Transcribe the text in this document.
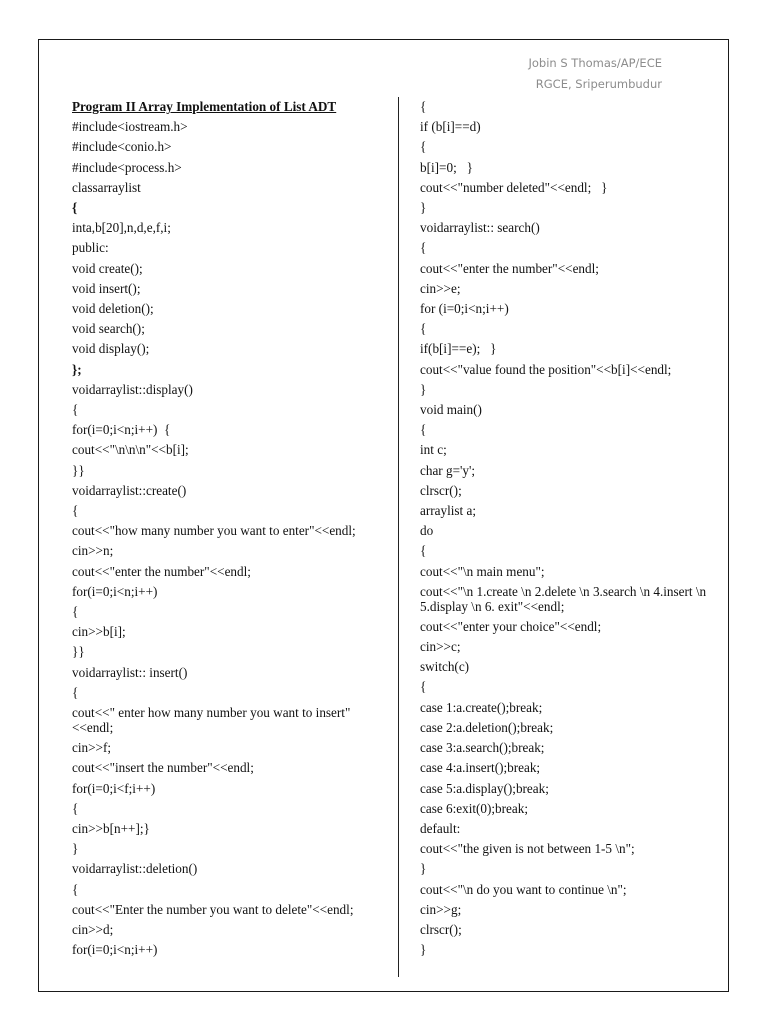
Jobin S Thomas/AP/ECE
RGCE, Sriperumbudur
Program II Array Implementation of List ADT
#include<iostream.h>
#include<conio.h>
#include<process.h>
classarraylist
{
inta,b[20],n,d,e,f,i;
public:
void create();
void insert();
void deletion();
void search();
void display();
};
voidarraylist::display()
{
for(i=0;i<n;i++)  {
cout<<"\n\n\n"<<b[i];
}}
voidarraylist::create()
{
cout<<"how many number you want to enter"<<endl;
cin>>n;
cout<<"enter the number"<<endl;
for(i=0;i<n;i++)
{
cin>>b[i];
}}
voidarraylist:: insert()
{
cout<<" enter how many number you want to insert"<<endl;
cin>>f;
cout<<"insert the number"<<endl;
for(i=0;i<f;i++)
{
cin>>b[n++];}
}
voidarraylist::deletion()
{
cout<<"Enter the number you want to delete"<<endl;
cin>>d;
for(i=0;i<n;i++)
{
if (b[i]==d)
{
b[i]=0;   }
cout<<"number deleted"<<endl;   }
}
voidarraylist:: search()
{
cout<<"enter the number"<<endl;
cin>>e;
for (i=0;i<n;i++)
{
if(b[i]==e);   }
cout<<"value found the position"<<b[i]<<endl;
}
void main()
{
int c;
char g='y';
clrscr();
arraylist a;
do
{
cout<<"\n main menu";
cout<<"\n 1.create \n 2.delete \n 3.search \n 4.insert \n 5.display \n 6. exit"<<endl;
cout<<"enter your choice"<<endl;
cin>>c;
switch(c)
{
case 1:a.create();break;
case 2:a.deletion();break;
case 3:a.search();break;
case 4:a.insert();break;
case 5:a.display();break;
case 6:exit(0);break;
default:
cout<<"the given is not between 1-5 \n";
}
cout<<"\n do you want to continue \n";
cin>>g;
clrscr();
}
